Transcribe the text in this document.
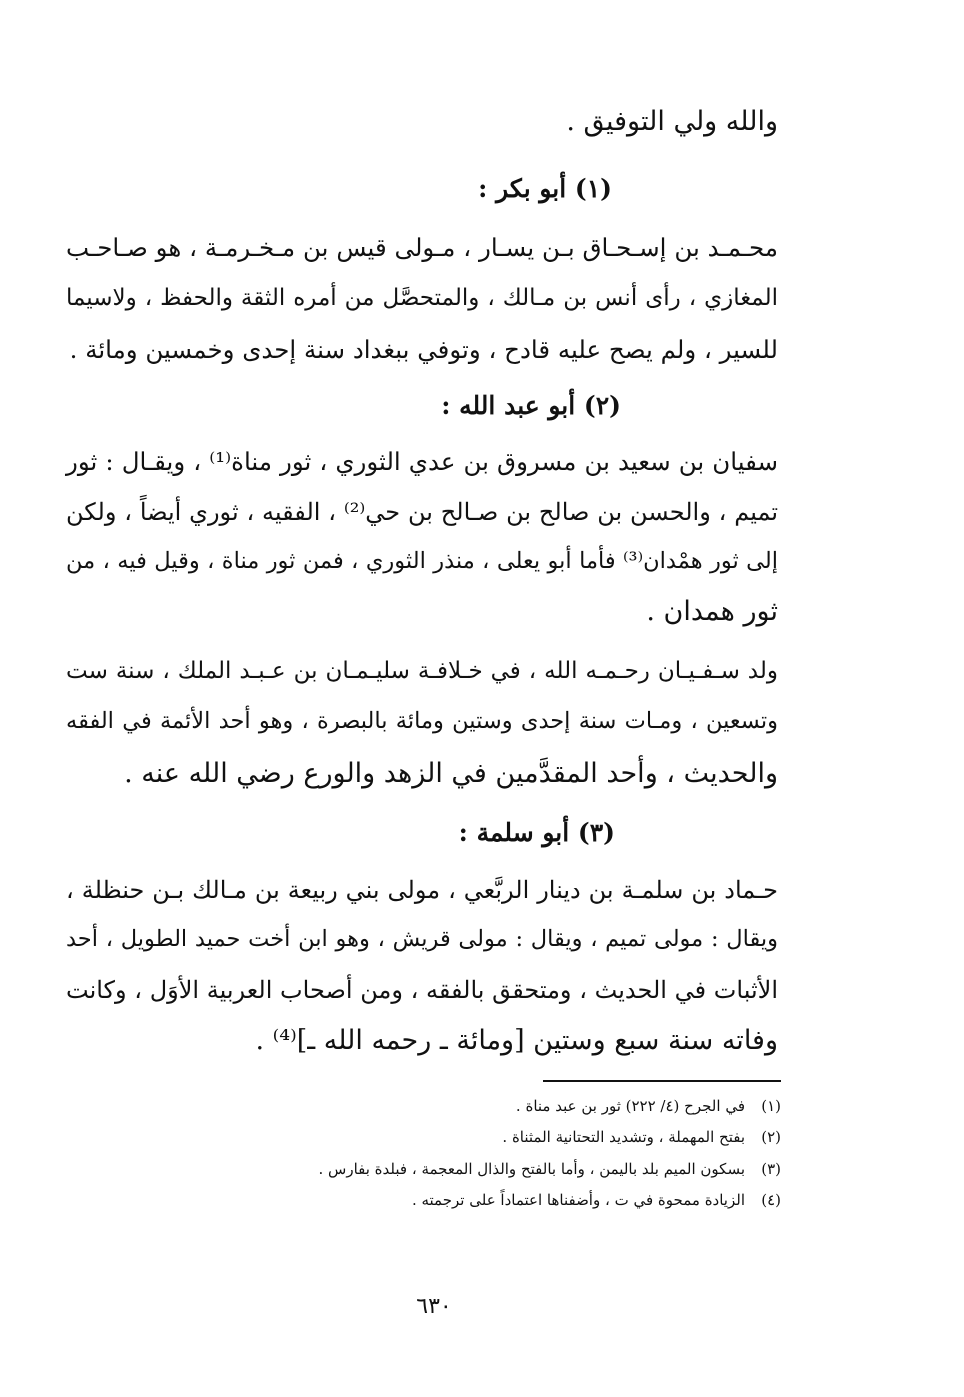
والله ولي التوفيق .
(١) أبو بكر :
محـمـد بن إسـحـاق بـن يسـار ، مـولى قيس بن مـخـرمـة ، هو صـاحـب
المغازي ، رأى أنس بن مـالك ، والمتحصَّل من أمره الثقة والحفظ ، ولاسيما
للسير ، ولم يصح عليه قادح ، وتوفي ببغداد سنة إحدى وخمسين ومائة .
(٢) أبو عبد الله :
سفيان بن سعيد بن مسروق بن عدي الثوري ، ثور مناة⁽¹⁾ ، ويقـال : ثور
تميم ، والحسن بن صالح بن صـالح بن حي⁽²⁾ ، الفقيه ، ثوري أيضاً ، ولكن
إلى ثور همْدان⁽³⁾ فأما أبو يعلى ، منذر الثوري ، فمن ثور مناة ، وقيل فيه ، من
ثور همدان .
ولد سـفـيـان رحـمـه الله ، في خـلافـة سليـمـان بن عـبـد الملك ، سنة ست
وتسعين ، ومـات سنة إحدى وستين ومائة بالبصرة ، وهو أحد الأئمة في الفقه
والحديث ، وأحد المقدَّمين في الزهد والورع رضي الله عنه .
(٣) أبو سلمة :
حـماد بن سلمـة بن دينار الربَّعي ، مولى بني ربيعة بن مـالك بـن حنظلة ،
ويقال : مولى تميم ، ويقال : مولى قريش ، وهو ابن أخت حميد الطويل ، أحد
الأثبات في الحديث ، ومتحقق بالفقه ، ومن أصحاب العربية الأوَل ، وكانت
وفاته سنة سبع وستين [ومائة ـ رحمه الله ـ]⁽⁴⁾ .
(١)في الجرح (٤/ ٢٢٢) ثور بن عبد مناة .
(٢)بفتح المهملة ، وتشديد التحتانية المثناة .
(٣)بسكون الميم بلد باليمن ، وأما بالفتح والذال المعجمة ، فبلدة بفارس .
(٤)الزيادة ممحوة في ت ، وأضفناها اعتماداً على ترجمته .
٦٣٠
